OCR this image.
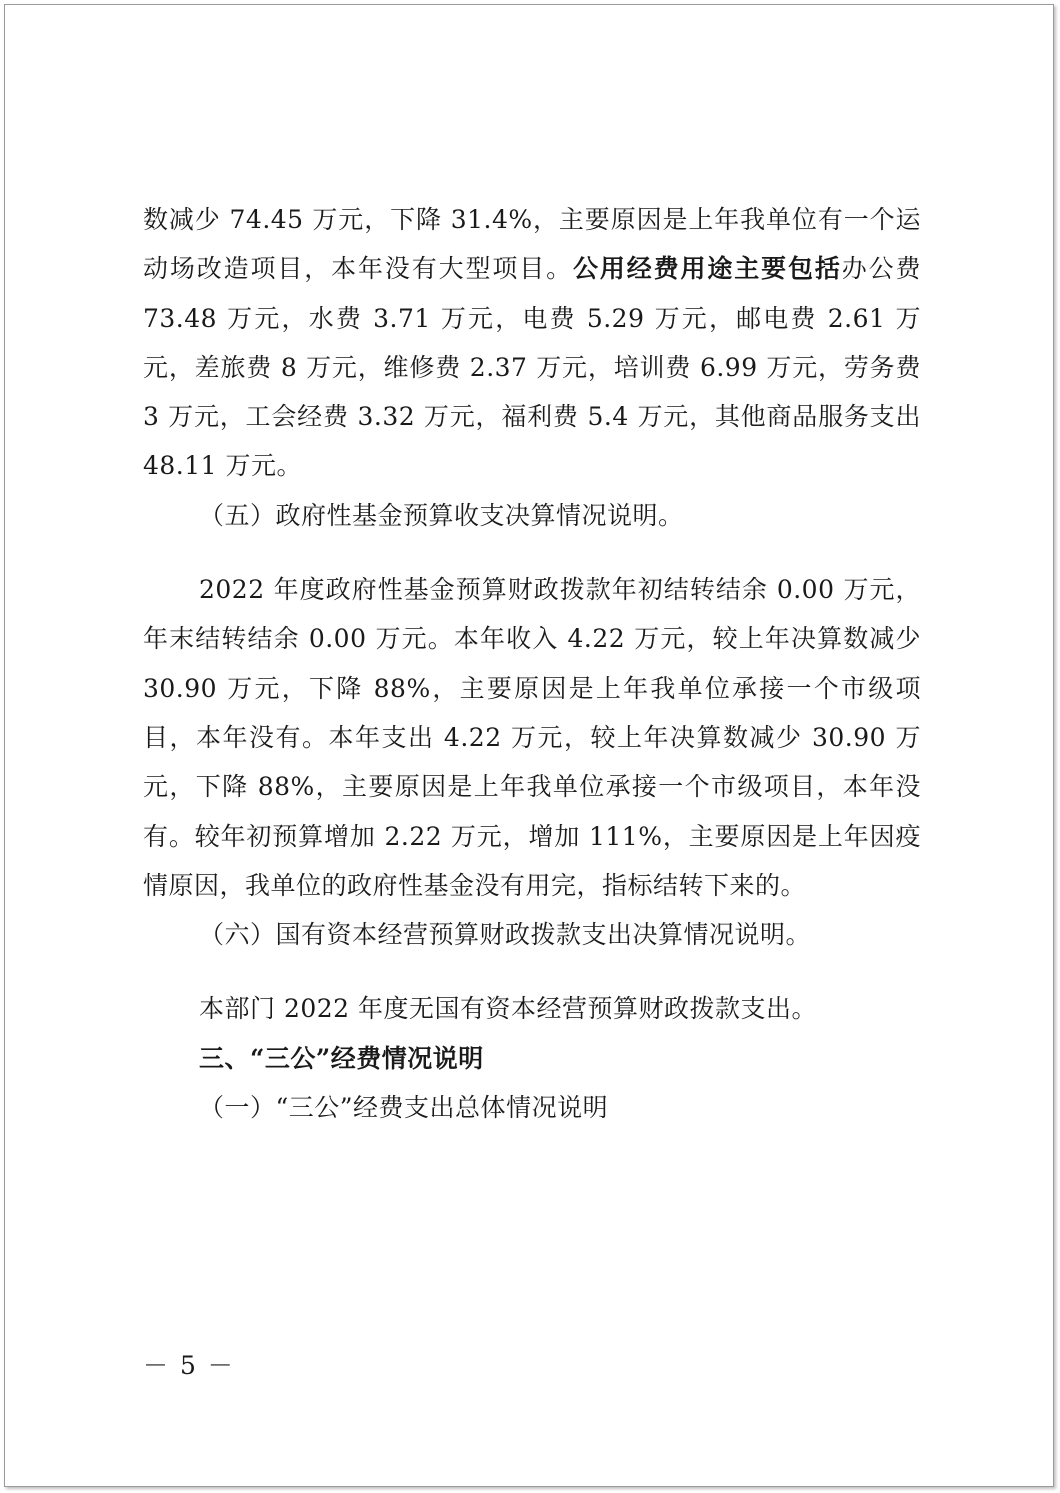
数减少 74.45 万元，下降 31.4%，主要原因是上年我单位有一个运动场改造项目，本年没有大型项目。公用经费用途主要包括办公费 73.48 万元，水费 3.71 万元，电费 5.29 万元，邮电费 2.61 万元，差旅费 8 万元，维修费 2.37 万元，培训费 6.99 万元，劳务费 3 万元，工会经费 3.32 万元，福利费 5.4 万元，其他商品服务支出 48.11 万元。

（五）政府性基金预算收支决算情况说明。

2022 年度政府性基金预算财政拨款年初结转结余 0.00 万元，年末结转结余 0.00 万元。本年收入 4.22 万元，较上年决算数减少 30.90 万元，下降 88%，主要原因是上年我单位承接一个市级项目，本年没有。本年支出 4.22 万元，较上年决算数减少 30.90 万元，下降 88%，主要原因是上年我单位承接一个市级项目，本年没有。较年初预算增加 2.22 万元，增加 111%，主要原因是上年因疫情原因，我单位的政府性基金没有用完，指标结转下来的。

（六）国有资本经营预算财政拨款支出决算情况说明。

本部门 2022 年度无国有资本经营预算财政拨款支出。

三、“三公”经费情况说明

（一）“三公”经费支出总体情况说明

－ 5 －
